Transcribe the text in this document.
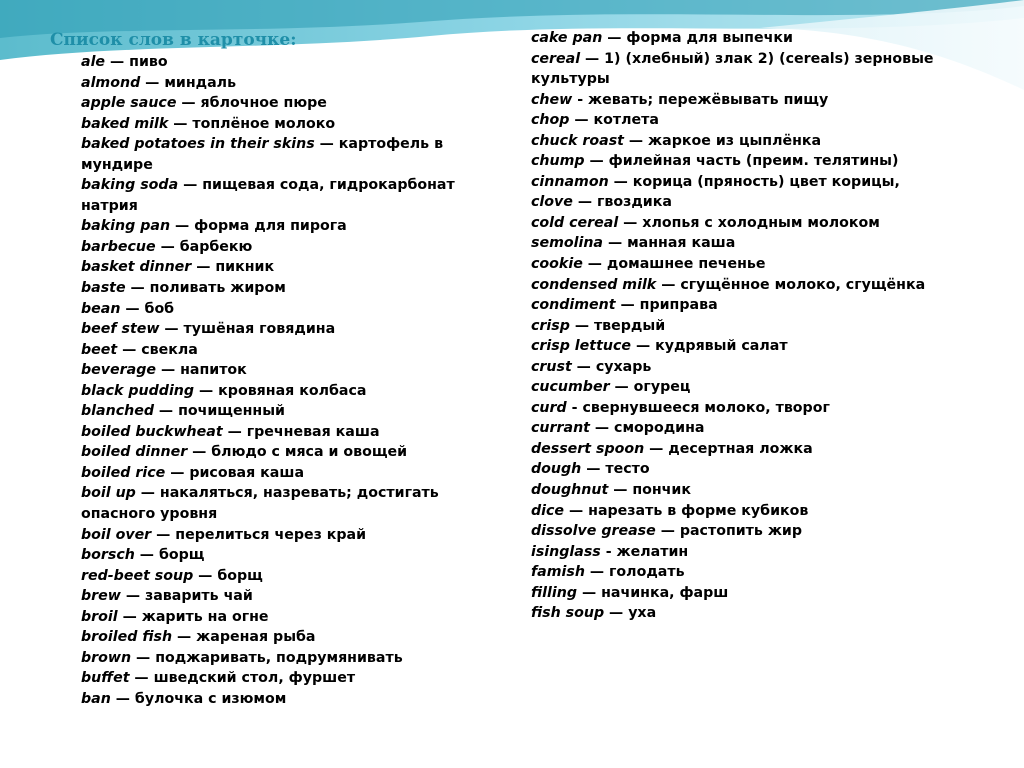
Список слов в карточке:
ale — пиво
almond — миндаль
apple sauce — яблочное пюре
baked milk — топлёное молоко
baked potatoes in their skins — картофель в мундире
baking soda — пищевая сода, гидрокарбонат натрия
baking pan — форма для пирога
barbecue — барбекю
basket dinner — пикник
baste — поливать жиром
bean — боб
beef stew — тушёная говядина
beet — свекла
beverage — напиток
black pudding — кровяная колбаса
blanched — почищенный
boiled buckwheat — гречневая каша
boiled dinner — блюдо с мяса и овощей
boiled rice — рисовая каша
boil up — накаляться, назревать; достигать опасного уровня
boil over — перелиться через край
borsch — борщ
red-beet soup — борщ
brew — заварить чай
broil — жарить на огне
broiled fish — жареная рыба
brown — поджаривать, подрумянивать
buffet — шведский стол, фуршет
ban — булочка с изюмом
cake pan — форма для выпечки
cereal — 1) (хлебный) злак 2) (cereals) зерновые культуры
chew - жевать; пережёвывать пищу
chop — котлета
chuck roast — жаркое из цыплёнка
chump — филейная часть (преим. телятины)
cinnamon — корица (пряность) цвет корицы,
clove — гвоздика
cold cereal — хлопья с холодным молоком
semolina — манная каша
cookie — домашнее печенье
condensed milk — сгущённое молоко, сгущёнка
condiment — приправа
crisp — твердый
crisp lettuce — кудрявый салат
crust — сухарь
cucumber — огурец
curd - свернувшееся молоко, творог
currant — смородина
dessert spoon — десертная ложка
dough — тесто
doughnut — пончик
dice — нарезать в форме кубиков
dissolve grease — растопить жир
isinglass - желатин
famish — голодать
filling — начинка, фарш
fish soup — уха
